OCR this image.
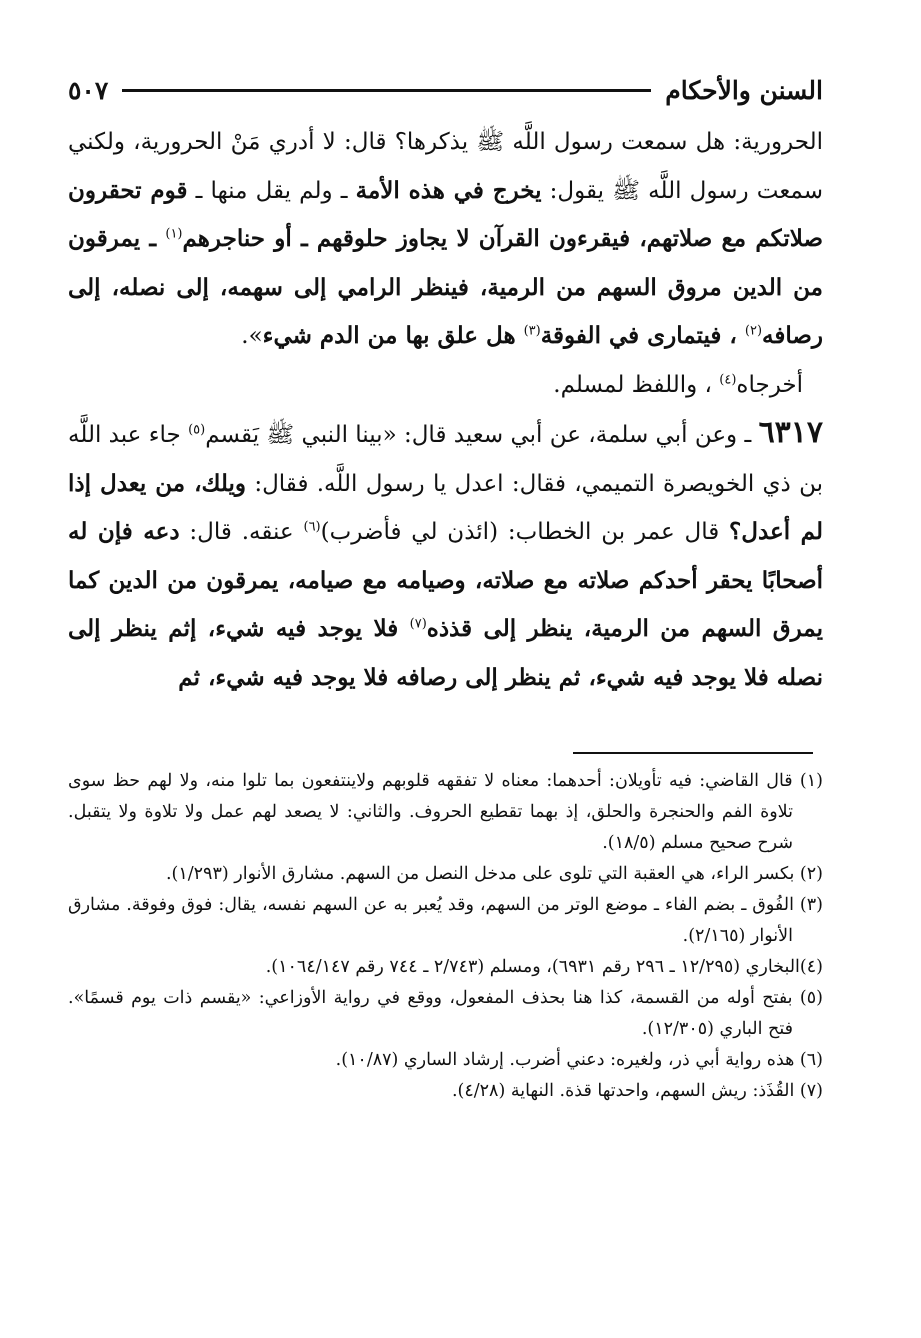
السنن والأحكام
٥٠٧

الحرورية: هل سمعت رسول اللَّه ﷺ يذكرها؟ قال: لا أدري مَنْ الحرورية، ولكني سمعت رسول اللَّه ﷺ يقول: يخرج في هذه الأمة ـ ولم يقل منها ـ قوم تحقرون صلاتكم مع صلاتهم، فيقرءون القرآن لا يجاوز حلوقهم ـ أو حناجرهم$^{(١)}$ ـ يمرقون من الدين مروق السهم من الرمية، فينظر الرامي إلى سهمه، إلى نصله، إلى رصافه$^{(٢)}$ ، فيتمارى في الفوقة$^{(٣)}$ هل علق بها من الدم شيء».

أخرجاه$^{(٤)}$ ، واللفظ لمسلم.

٦٣١٧ ـ وعن أبي سلمة، عن أبي سعيد قال: «بينا النبي ﷺ يَقسم$^{(٥)}$ جاء عبد اللَّه بن ذي الخويصرة التميمي، فقال: اعدل يا رسول اللَّه. فقال: ويلك، من يعدل إذا لم أعدل؟ قال عمر بن الخطاب: (ائذن لي فأضرب)$^{(٦)}$ عنقه. قال: دعه فإن له أصحابًا يحقر أحدكم صلاته مع صلاته، وصيامه مع صيامه، يمرقون من الدين كما يمرق السهم من الرمية، ينظر إلى قذذه$^{(٧)}$ فلا يوجد فيه شيء، إثم ينظر إلى نصله فلا يوجد فيه شيء، ثم ينظر إلى رصافه فلا يوجد فيه شيء، ثم

(١) قال القاضي: فيه تأويلان: أحدهما: معناه لا تفقهه قلوبهم ولاينتفعون بما تلوا منه، ولا لهم حظ سوى تلاوة الفم والحنجرة والحلق، إذ بهما تقطيع الحروف. والثاني: لا يصعد لهم عمل ولا تلاوة ولا يتقبل. شرح صحيح مسلم (١٨/٥).

(٢) بكسر الراء، هي العقبة التي تلوى على مدخل النصل من السهم. مشارق الأنوار (١/٢٩٣).

(٣) الفُوق ـ بضم الفاء ـ موضع الوتر من السهم، وقد يُعبر به عن السهم نفسه، يقال: فوق وفوقة. مشارق الأنوار (٢/١٦٥).

(٤)البخاري (١٢/٢٩٥ ـ ٢٩٦ رقم ٦٩٣١)، ومسلم (٢/٧٤٣ ـ ٧٤٤ رقم ١٠٦٤/١٤٧).

(٥) بفتح أوله من القسمة، كذا هنا بحذف المفعول، ووقع في رواية الأوزاعي: «يقسم ذات يوم قسمًا». فتح الباري (١٢/٣٠٥).

(٦) هذه رواية أبي ذر، ولغيره: دعني أضرب. إرشاد الساري (١٠/٨٧).

(٧) القُذَذ: ريش السهم، واحدتها قذة. النهاية (٤/٢٨).
